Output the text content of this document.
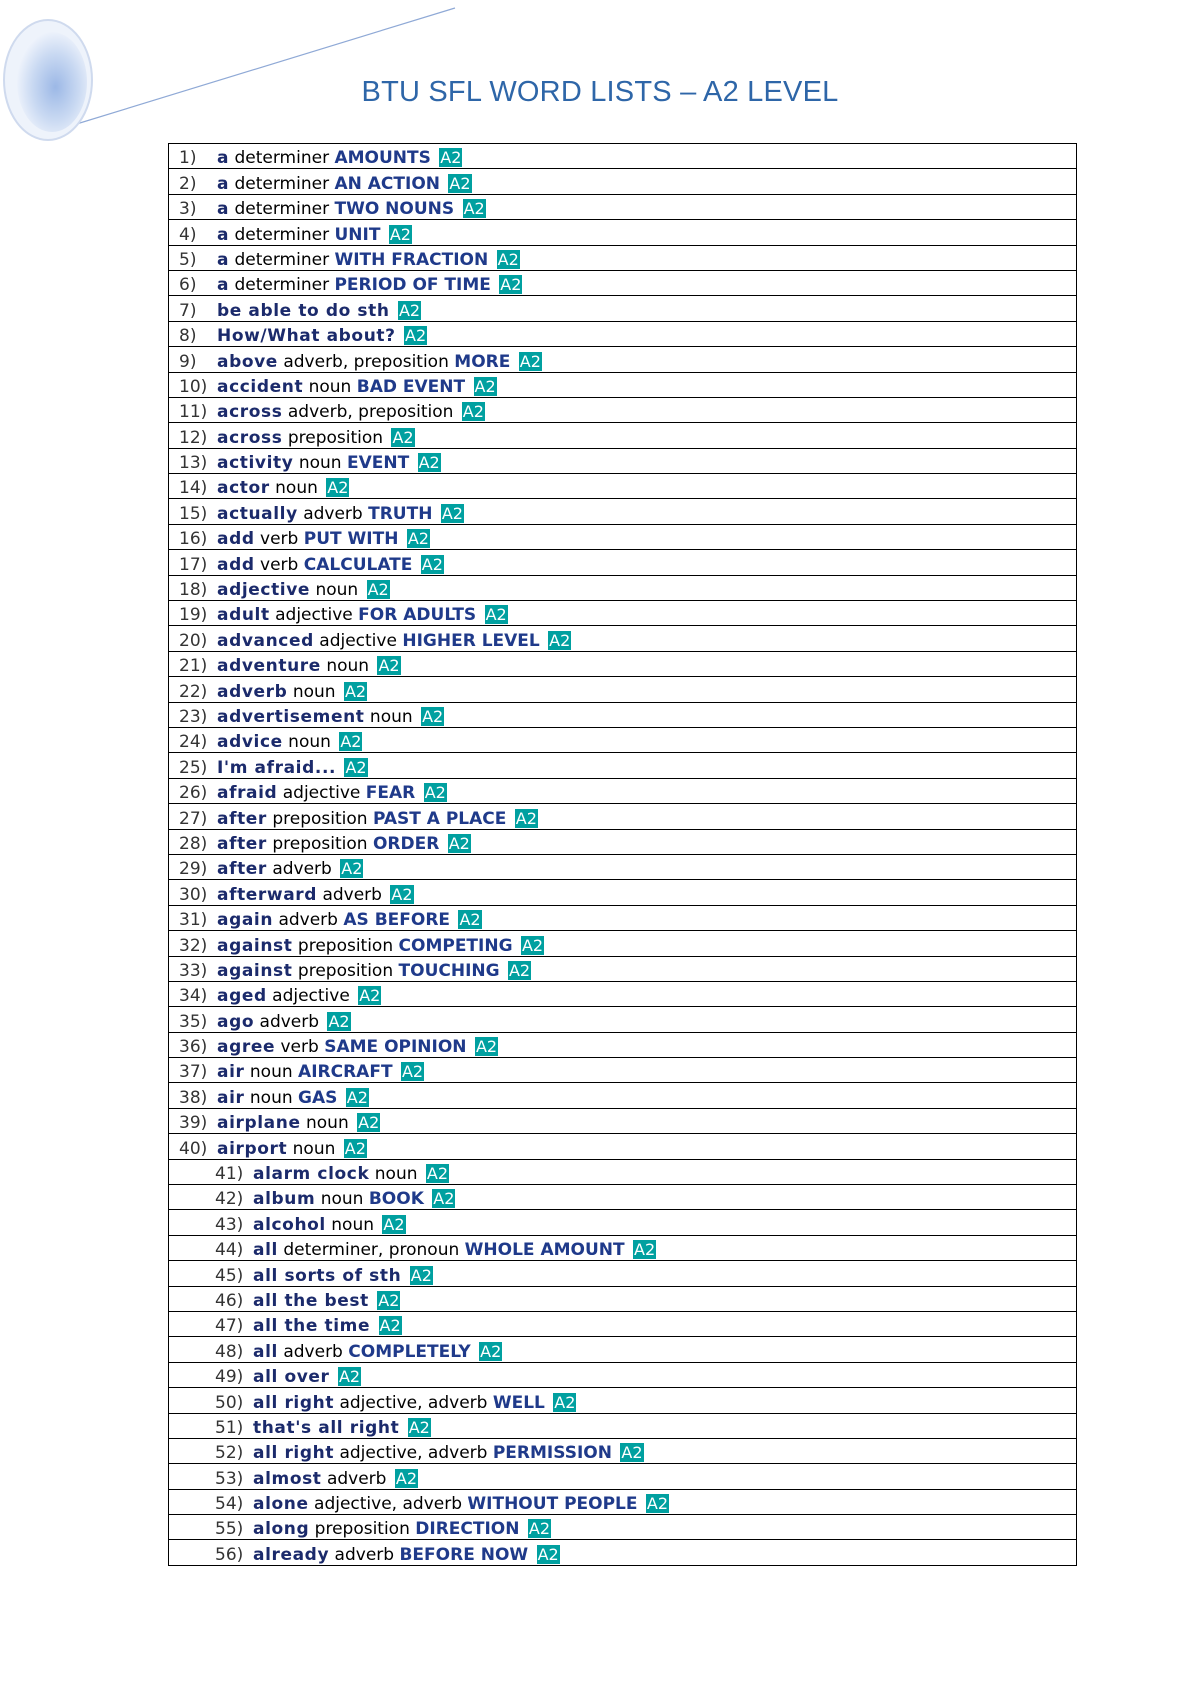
BTU SFL WORD LISTS – A2 LEVEL
1) a determiner AMOUNTS A2
2) a determiner AN ACTION A2
3) a determiner TWO NOUNS A2
4) a determiner UNIT A2
5) a determiner WITH FRACTION A2
6) a determiner PERIOD OF TIME A2
7) be able to do sth A2
8) How/What about? A2
9) above adverb, preposition MORE A2
10) accident noun BAD EVENT A2
11) across adverb, preposition A2
12) across preposition A2
13) activity noun EVENT A2
14) actor noun A2
15) actually adverb TRUTH A2
16) add verb PUT WITH A2
17) add verb CALCULATE A2
18) adjective noun A2
19) adult adjective FOR ADULTS A2
20) advanced adjective HIGHER LEVEL A2
21) adventure noun A2
22) adverb noun A2
23) advertisement noun A2
24) advice noun A2
25) I'm afraid... A2
26) afraid adjective FEAR A2
27) after preposition PAST A PLACE A2
28) after preposition ORDER A2
29) after adverb A2
30) afterward adverb A2
31) again adverb AS BEFORE A2
32) against preposition COMPETING A2
33) against preposition TOUCHING A2
34) aged adjective A2
35) ago adverb A2
36) agree verb SAME OPINION A2
37) air noun AIRCRAFT A2
38) air noun GAS A2
39) airplane noun A2
40) airport noun A2
41) alarm clock noun A2
42) album noun BOOK A2
43) alcohol noun A2
44) all determiner, pronoun WHOLE AMOUNT A2
45) all sorts of sth A2
46) all the best A2
47) all the time A2
48) all adverb COMPLETELY A2
49) all over A2
50) all right adjective, adverb WELL A2
51) that's all right A2
52) all right adjective, adverb PERMISSION A2
53) almost adverb A2
54) alone adjective, adverb WITHOUT PEOPLE A2
55) along preposition DIRECTION A2
56) already adverb BEFORE NOW A2
